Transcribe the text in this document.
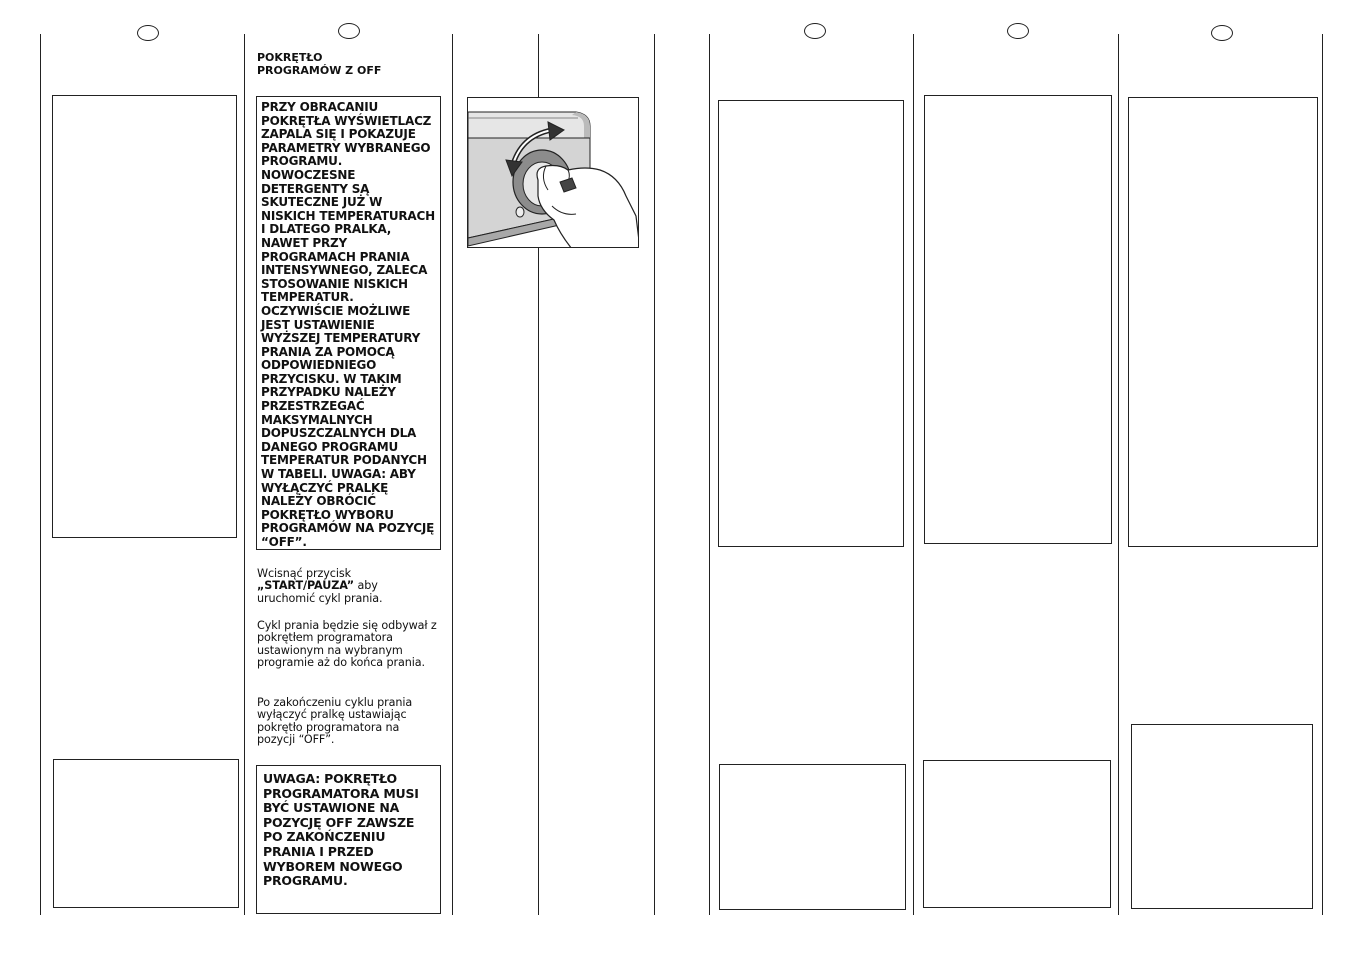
POKRĘTŁO
PROGRAMÓW Z OFF
PRZY OBRACANIU POKRĘTŁA WYŚWIETLACZ ZAPALA SIĘ I POKAZUJE PARAMETRY WYBRANEGO PROGRAMU. NOWOCZESNE DETERGENTY SĄ SKUTECZNE JUŻ W NISKICH TEMPERATURACH I DLATEGO PRALKA, NAWET PRZY PROGRAMACH PRANIA INTENSYWNEGO, ZALECA STOSOWANIE NISKICH TEMPERATUR. OCZYWIŚCIE MOŻLIWE JEST USTAWIENIE WYŻSZEJ TEMPERATURY PRANIA ZA POMOCĄ ODPOWIEDNIEGO PRZYCISKU. W TAKIM PRZYPADKU NALEŻY PRZESTRZEGAĆ MAKSYMALNYCH DOPUSZCZALNYCH DLA DANEGO PROGRAMU TEMPERATUR PODANYCH W TABELI. UWAGA: ABY WYŁĄCZYĆ PRALKĘ NALEŻY OBRÓCIĆ POKRĘTŁO WYBORU PROGRAMÓW NA POZYCJĘ “OFF”.
Wcisnąć przycisk „START/PAUZA” aby uruchomić cykl prania.
Cykl prania będzie się odbywał z pokrętłem programatora ustawionym na wybranym programie aż do końca prania.
Po zakończeniu cyklu prania wyłączyć pralkę ustawiając pokrętło programatora na pozycji “OFF”.
UWAGA: POKRĘTŁO PROGRAMATORA MUSI BYĆ USTAWIONE NA POZYCJĘ OFF ZAWSZE PO ZAKOŃCZENIU PRANIA I PRZED WYBOREM NOWEGO PROGRAMU.
